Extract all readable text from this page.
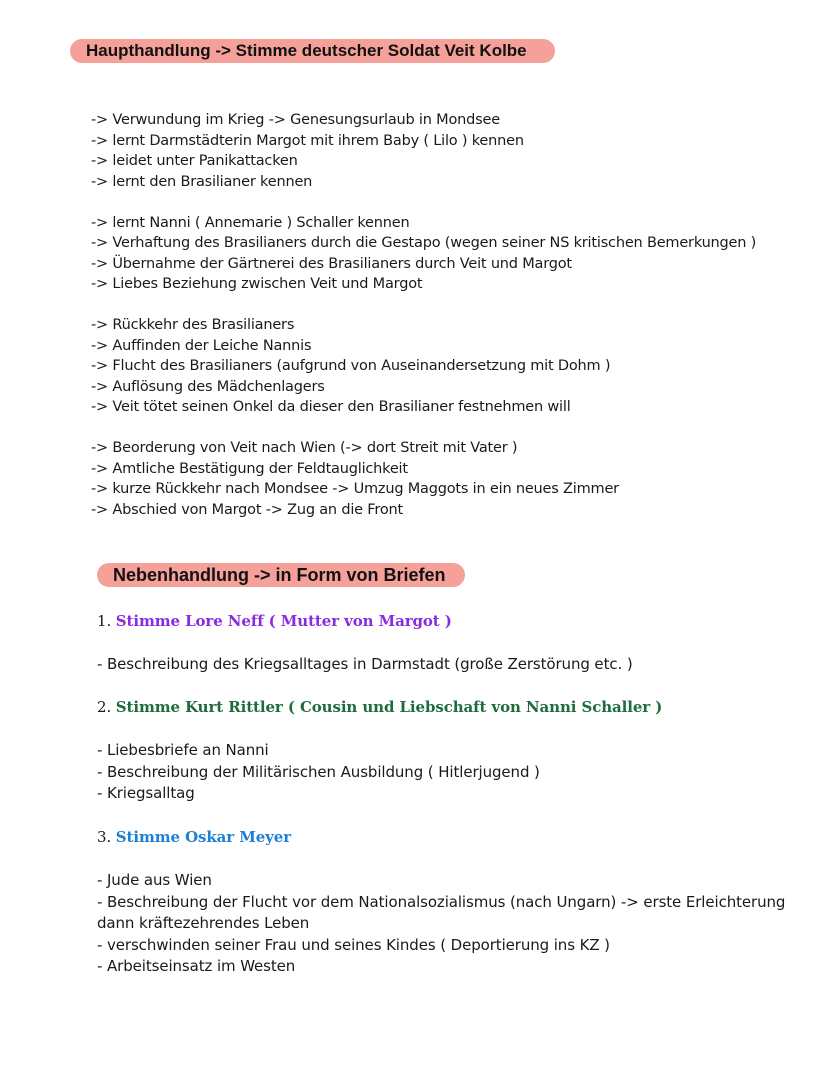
Haupthandlung -> Stimme deutscher Soldat Veit Kolbe
-> Verwundung im Krieg -> Genesungsurlaub in Mondsee
-> lernt Darmstädterin Margot mit ihrem Baby ( Lilo ) kennen
-> leidet unter Panikattacken
-> lernt den Brasilianer kennen
-> lernt Nanni ( Annemarie ) Schaller kennen
-> Verhaftung des Brasilianers durch die Gestapo (wegen seiner NS kritischen Bemerkungen )
-> Übernahme der Gärtnerei des Brasilianers durch Veit und Margot
-> Liebes Beziehung zwischen Veit und Margot
-> Rückkehr des Brasilianers
-> Auffinden der Leiche Nannis
-> Flucht des Brasilianers (aufgrund von Auseinandersetzung mit Dohm )
-> Auflösung des Mädchenlagers
-> Veit tötet seinen Onkel da dieser den Brasilianer festnehmen will
-> Beorderung von Veit nach Wien (-> dort Streit mit Vater )
-> Amtliche Bestätigung der Feldtauglichkeit
-> kurze Rückkehr nach Mondsee -> Umzug Maggots in ein neues Zimmer
-> Abschied von Margot -> Zug an die Front
Nebenhandlung -> in Form von Briefen

1. Stimme Lore Neff ( Mutter von Margot )

- Beschreibung des Kriegsalltages in Darmstadt (große Zerstörung etc. )

2. Stimme Kurt Rittler ( Cousin und Liebschaft von Nanni Schaller )

- Liebesbriefe an Nanni
- Beschreibung der Militärischen Ausbildung ( Hitlerjugend )
- Kriegsalltag

3. Stimme Oskar Meyer

- Jude aus Wien
- Beschreibung der Flucht vor dem Nationalsozialismus (nach Ungarn) -> erste Erleichterung dann kräftezehrendes Leben
- verschwinden seiner Frau und seines Kindes ( Deportierung ins KZ )
- Arbeitseinsatz im Westen
